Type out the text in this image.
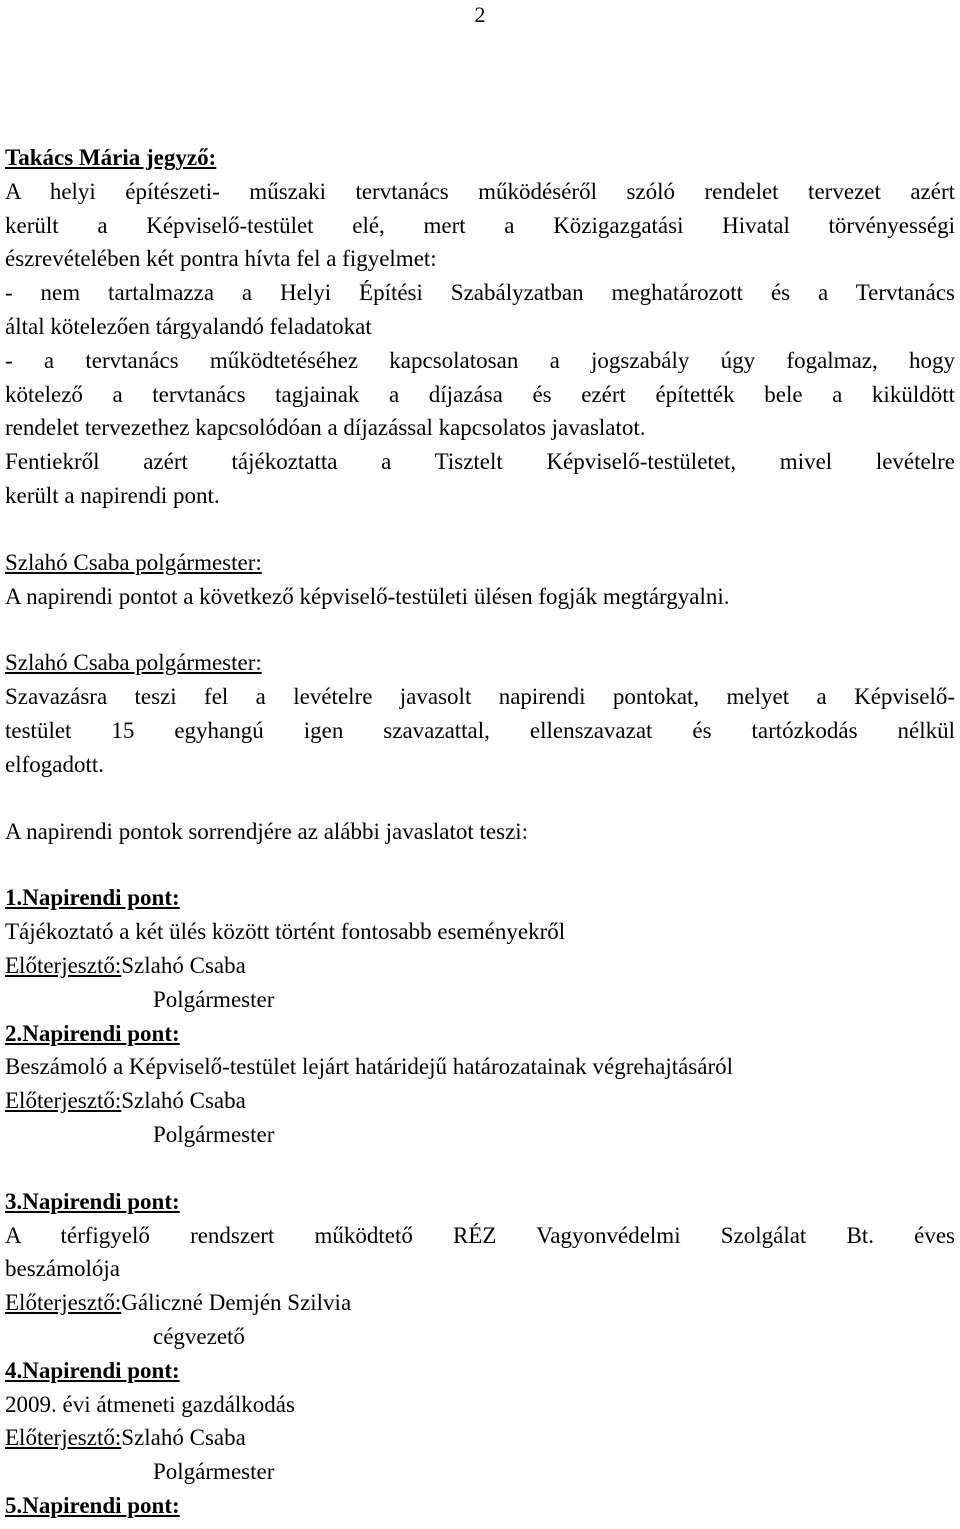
2

Takács Mária jegyző:

A helyi építészeti- műszaki tervtanács működéséről szóló rendelet tervezet azért

került a Képviselő-testület elé, mert a Közigazgatási Hivatal törvényességi

észrevételében két pontra hívta fel a figyelmet:

- nem tartalmazza a Helyi Építési Szabályzatban meghatározott és a Tervtanács

által kötelezően tárgyalandó feladatokat

- a tervtanács működtetéséhez kapcsolatosan a jogszabály úgy fogalmaz, hogy

kötelező a tervtanács tagjainak a díjazása és ezért építették bele a kiküldött

rendelet tervezethez kapcsolódóan a díjazással kapcsolatos javaslatot.

Fentiekről azért tájékoztatta a Tisztelt Képviselő-testületet, mivel levételre

került a napirendi pont.

Szlahó Csaba polgármester:

A napirendi pontot a következő képviselő-testületi ülésen fogják megtárgyalni.

Szlahó Csaba polgármester:

Szavazásra teszi fel a levételre javasolt napirendi pontokat, melyet a Képviselő-

testület 15 egyhangú igen szavazattal, ellenszavazat és tartózkodás nélkül

elfogadott.

A napirendi pontok sorrendjére az alábbi javaslatot teszi:

1.Napirendi pont:

Tájékoztató a két ülés között történt fontosabb eseményekről

Előterjesztő:Szlahó Csaba

Polgármester

2.Napirendi pont:

Beszámoló a Képviselő-testület lejárt határidejű határozatainak végrehajtásáról

Előterjesztő:Szlahó Csaba

Polgármester

3.Napirendi pont:

A térfigyelő rendszert működtető RÉZ Vagyonvédelmi Szolgálat Bt. éves

beszámolója

Előterjesztő:Gáliczné Demjén Szilvia

cégvezető

4.Napirendi pont:

2009. évi átmeneti gazdálkodás

Előterjesztő:Szlahó Csaba

Polgármester

5.Napirendi pont:
